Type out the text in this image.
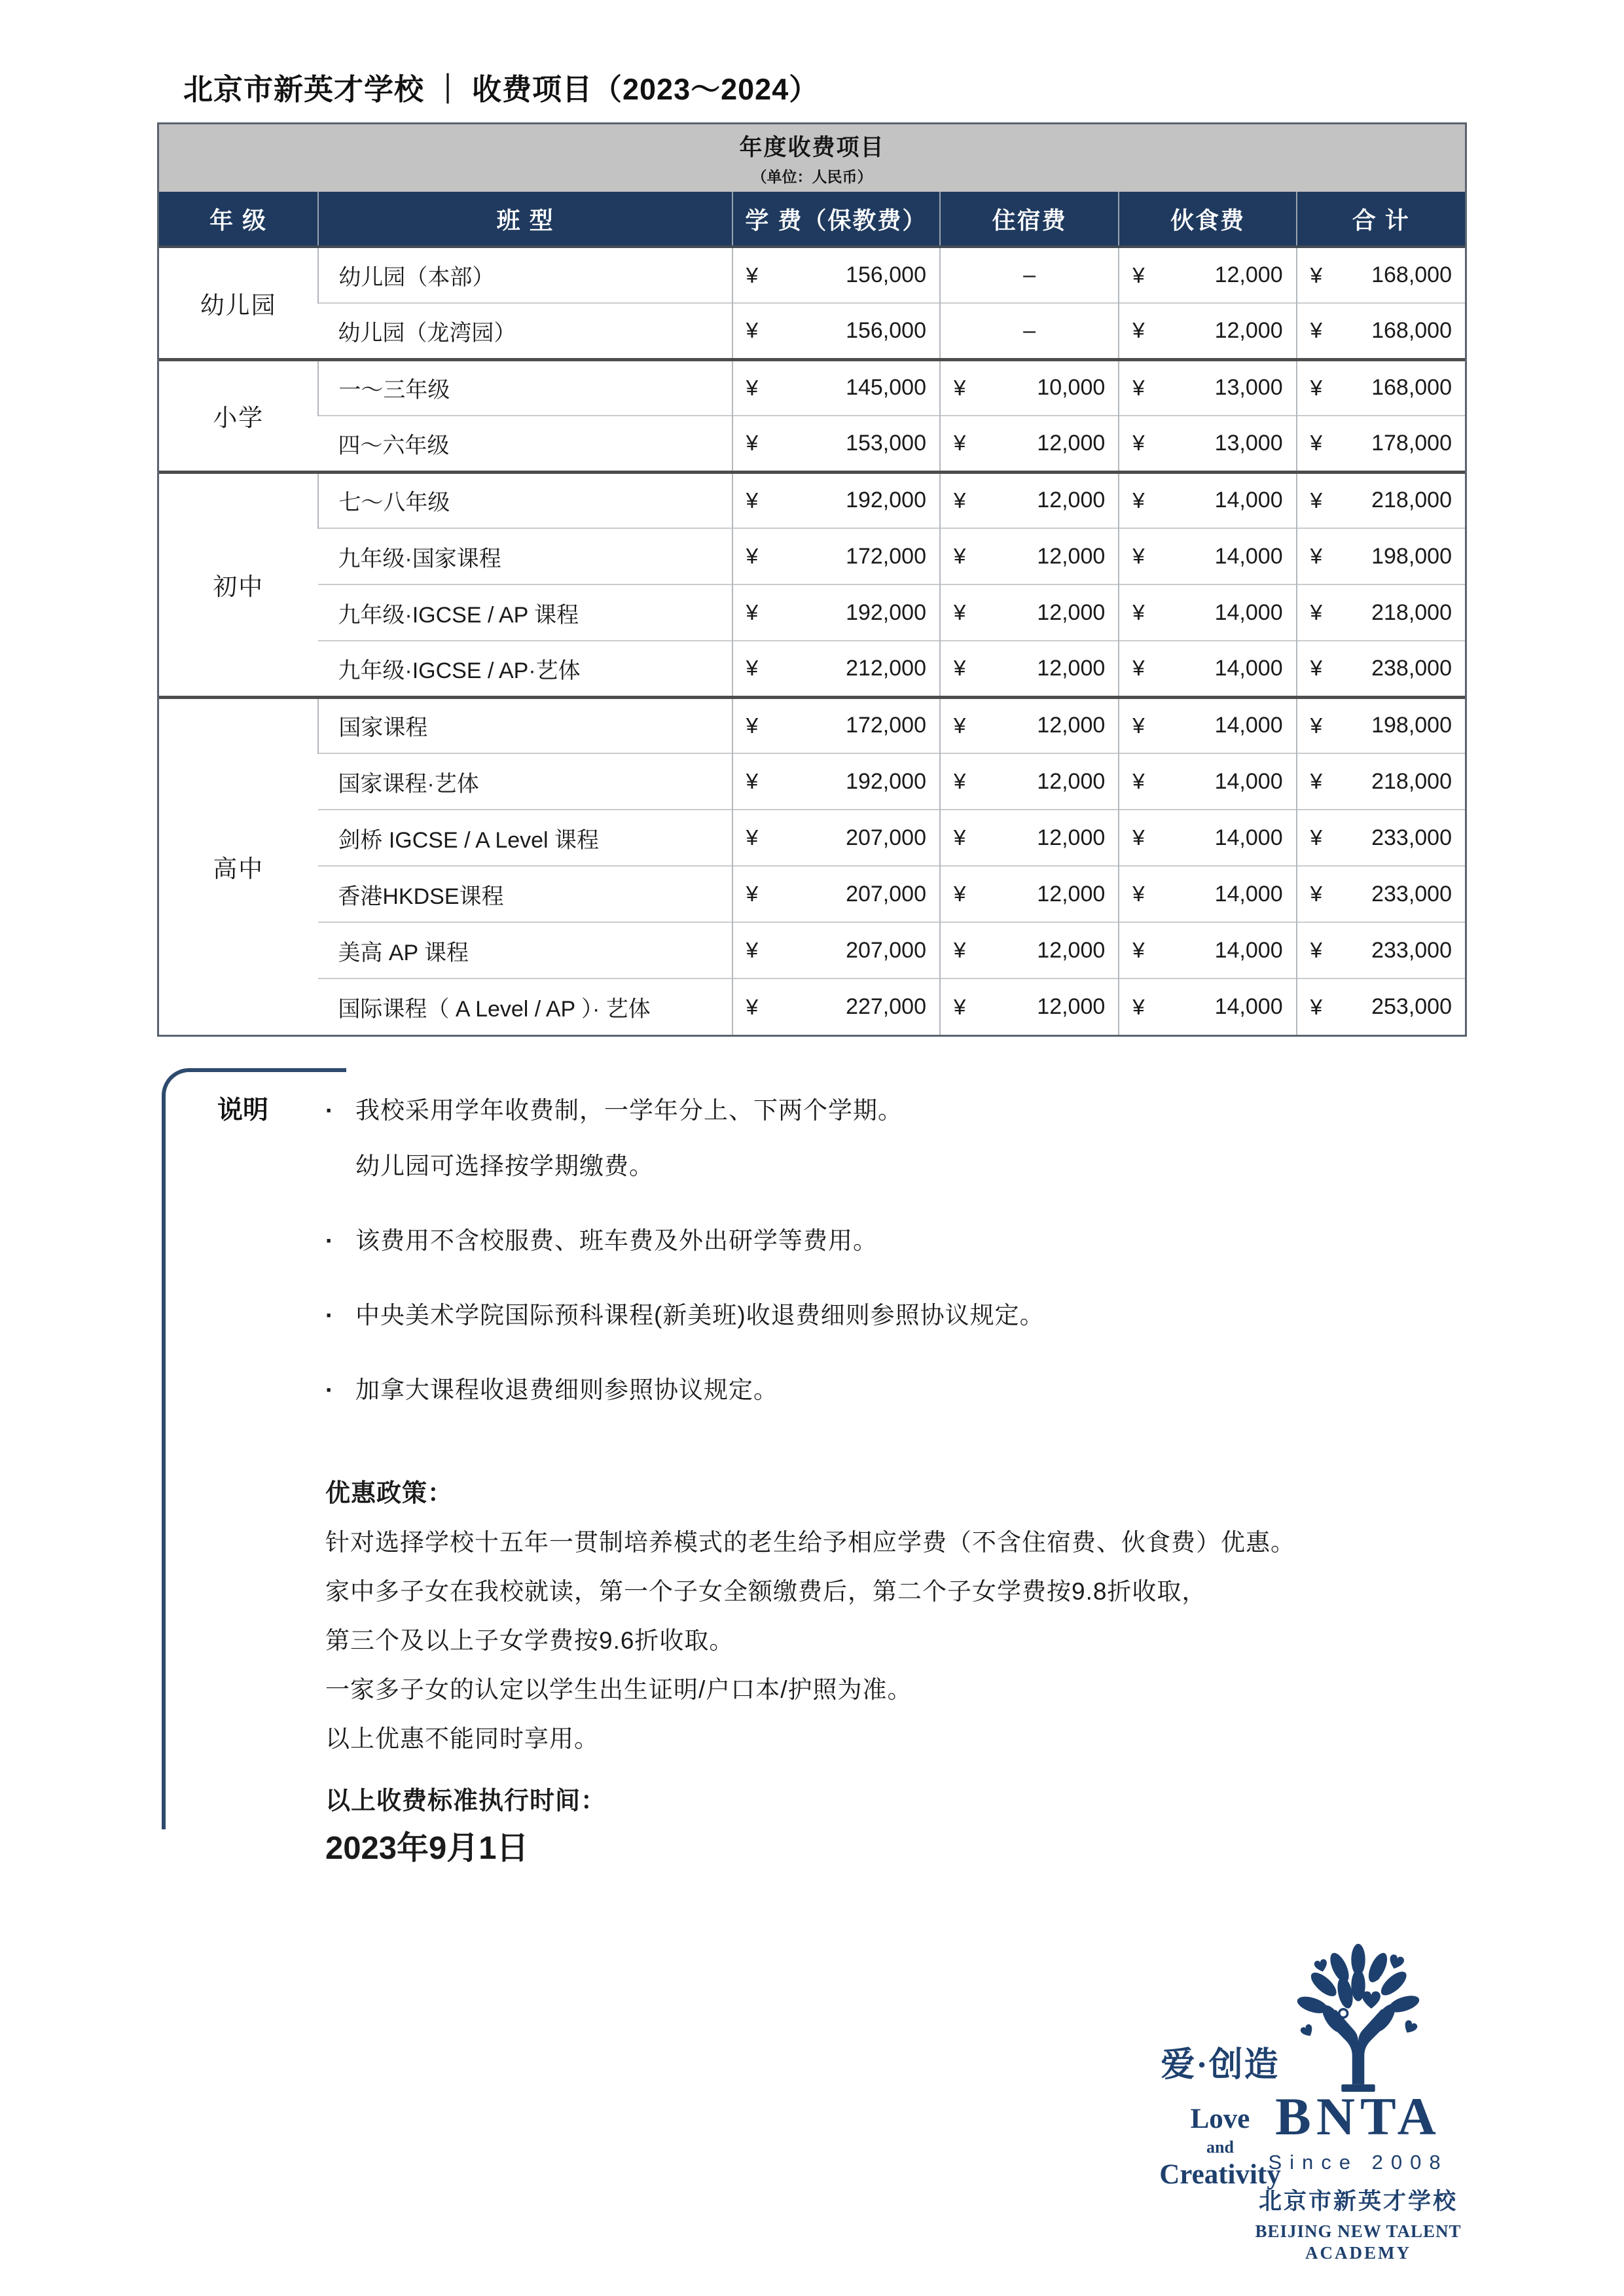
北京市新英才学校 ｜ 收费项目（2023～2024）
年度收费项目
（单位：人民币）
年 级	班 型	学 费（保教费）	住宿费	伙食费	合 计
幼儿园	幼儿园（本部）	¥ 156,000	–	¥ 12,000	¥ 168,000

	幼儿园（龙湾园）	¥ 156,000	–	¥ 12,000	¥ 168,000

小学	一～三年级	¥ 145,000	¥ 10,000	¥ 13,000	¥ 168,000

	四～六年级	¥ 153,000	¥ 12,000	¥ 13,000	¥ 178,000

初中	七～八年级	¥ 192,000	¥ 12,000	¥ 14,000	¥ 218,000

	九年级·国家课程	¥ 172,000	¥ 12,000	¥ 14,000	¥ 198,000

	九年级·IGCSE / AP 课程	¥ 192,000	¥ 12,000	¥ 14,000	¥ 218,000

	九年级·IGCSE / AP·艺体	¥ 212,000	¥ 12,000	¥ 14,000	¥ 238,000

高中	国家课程	¥ 172,000	¥ 12,000	¥ 14,000	¥ 198,000

	国家课程·艺体	¥ 192,000	¥ 12,000	¥ 14,000	¥ 218,000

	剑桥 IGCSE / A Level 课程	¥ 207,000	¥ 12,000	¥ 14,000	¥ 233,000

	香港HKDSE课程	¥ 207,000	¥ 12,000	¥ 14,000	¥ 233,000

	美高 AP 课程	¥ 207,000	¥ 12,000	¥ 14,000	¥ 233,000

	国际课程（ A Level / AP ）· 艺体	¥ 227,000	¥ 12,000	¥ 14,000	¥ 253,000
说明	· 我校采用学年收费制，一学年分上、下两个学期。
幼儿园可选择按学期缴费。
· 该费用不含校服费、班车费及外出研学等费用。
· 中央美术学院国际预科课程(新美班)收退费细则参照协议规定。
· 加拿大课程收退费细则参照协议规定。
优惠政策：
针对选择学校十五年一贯制培养模式的老生给予相应学费（不含住宿费、伙食费）优惠。
家中多子女在我校就读，第一个子女全额缴费后，第二个子女学费按9.8折收取，
第三个及以上子女学费按9.6折收取。
一家多子女的认定以学生出生证明/户口本/护照为准。
以上优惠不能同时享用。
以上收费标准执行时间：
2023年9月1日
爱·创造
Love
and
Creativity
BNTA
Since 2008
北京市新英才学校
BEIJING NEW TALENT
ACADEMY
